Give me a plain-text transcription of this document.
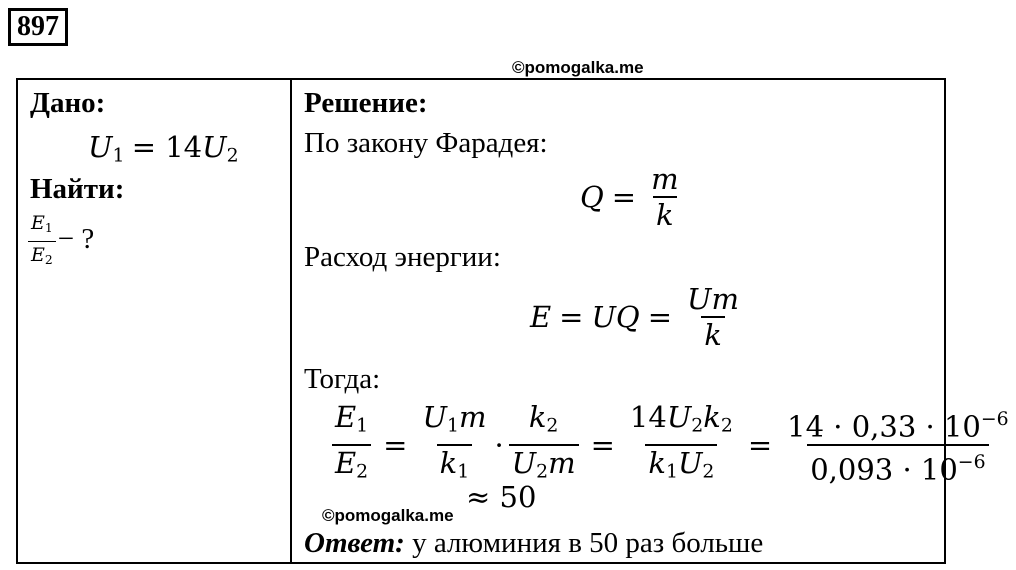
897
©pomogalka.me
Дано:
$U_1 = 14U_2$
Найти:
$\frac{E_1}{E_2}$ − ?
Решение:
По закону Фарадея:
$Q = \frac{m}{k}$
Расход энергии:
E = UQ = $\frac{Um}{k}$
Тогда:
$\frac{E_1}{E_2} = \frac{U_1m}{k_1} \cdot \frac{k_2}{U_2m} = \frac{14U_2k_2}{k_1U_2} = \frac{14 \cdot 0,33 \cdot 10^{-6}}{0,093 \cdot 10^{-6}}$
≈ 50
Ответ: у алюминия в 50 раз больше
©pomogalka.me
